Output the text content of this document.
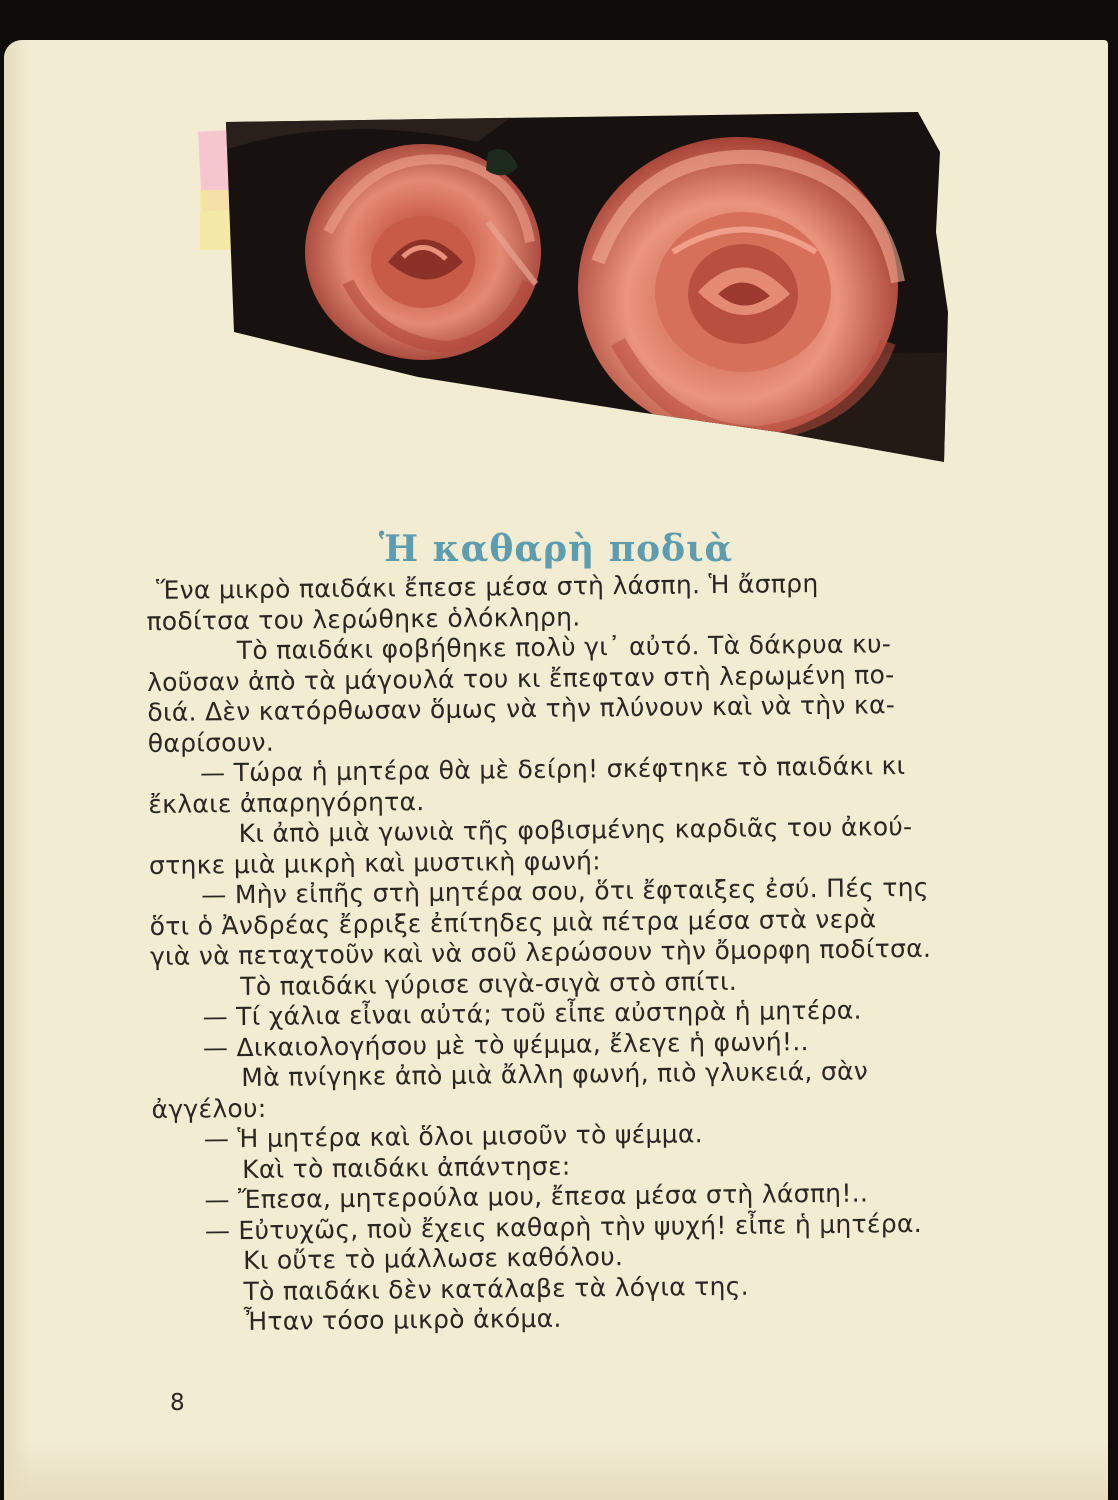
Ἡ καθαρὴ ποδιὰ
Ἕνα μικρὸ παιδάκι ἔπεσε μέσα στὴ λάσπη. Ἡ ἄσπρη
ποδίτσα του λερώθηκε ὁλόκληρη.
Τὸ παιδάκι φοβήθηκε πολὺ γι᾽ αὐτό. Τὰ δάκρυα κυ-
λοῦσαν ἀπὸ τὰ μάγουλά του κι ἔπεφταν στὴ λερωμένη πο-
διά. Δὲν κατόρθωσαν ὅμως νὰ τὴν πλύνουν καὶ νὰ τὴν κα-
θαρίσουν.
— Τώρα ἡ μητέρα θὰ μὲ δείρη! σκέφτηκε τὸ παιδάκι κι
ἔκλαιε ἀπαρηγόρητα.
Κι ἀπὸ μιὰ γωνιὰ τῆς φοβισμένης καρδιᾶς του ἀκού-
στηκε μιὰ μικρὴ καὶ μυστικὴ φωνή:
— Μὴν εἰπῆς στὴ μητέρα σου, ὅτι ἔφταιξες ἐσύ. Πές της
ὅτι ὁ Ἀνδρέας ἔρριξε ἐπίτηδες μιὰ πέτρα μέσα στὰ νερὰ
γιὰ νὰ πεταχτοῦν καὶ νὰ σοῦ λερώσουν τὴν ὄμορφη ποδίτσα.
Τὸ παιδάκι γύρισε σιγὰ-σιγὰ στὸ σπίτι.
— Τί χάλια εἶναι αὐτά; τοῦ εἶπε αὐστηρὰ ἡ μητέρα.
— Δικαιολογήσου μὲ τὸ ψέμμα, ἔλεγε ἡ φωνή!..
Μὰ πνίγηκε ἀπὸ μιὰ ἄλλη φωνή, πιὸ γλυκειά, σὰν
ἀγγέλου:
— Ἡ μητέρα καὶ ὅλοι μισοῦν τὸ ψέμμα.
Καὶ τὸ παιδάκι ἀπάντησε:
— Ἔπεσα, μητερούλα μου, ἔπεσα μέσα στὴ λάσπη!..
— Εὐτυχῶς, ποὺ ἔχεις καθαρὴ τὴν ψυχή! εἶπε ἡ μητέρα.
Κι οὔτε τὸ μάλλωσε καθόλου.
Τὸ παιδάκι δὲν κατάλαβε τὰ λόγια της.
Ἦταν τόσο μικρὸ ἀκόμα.
8
